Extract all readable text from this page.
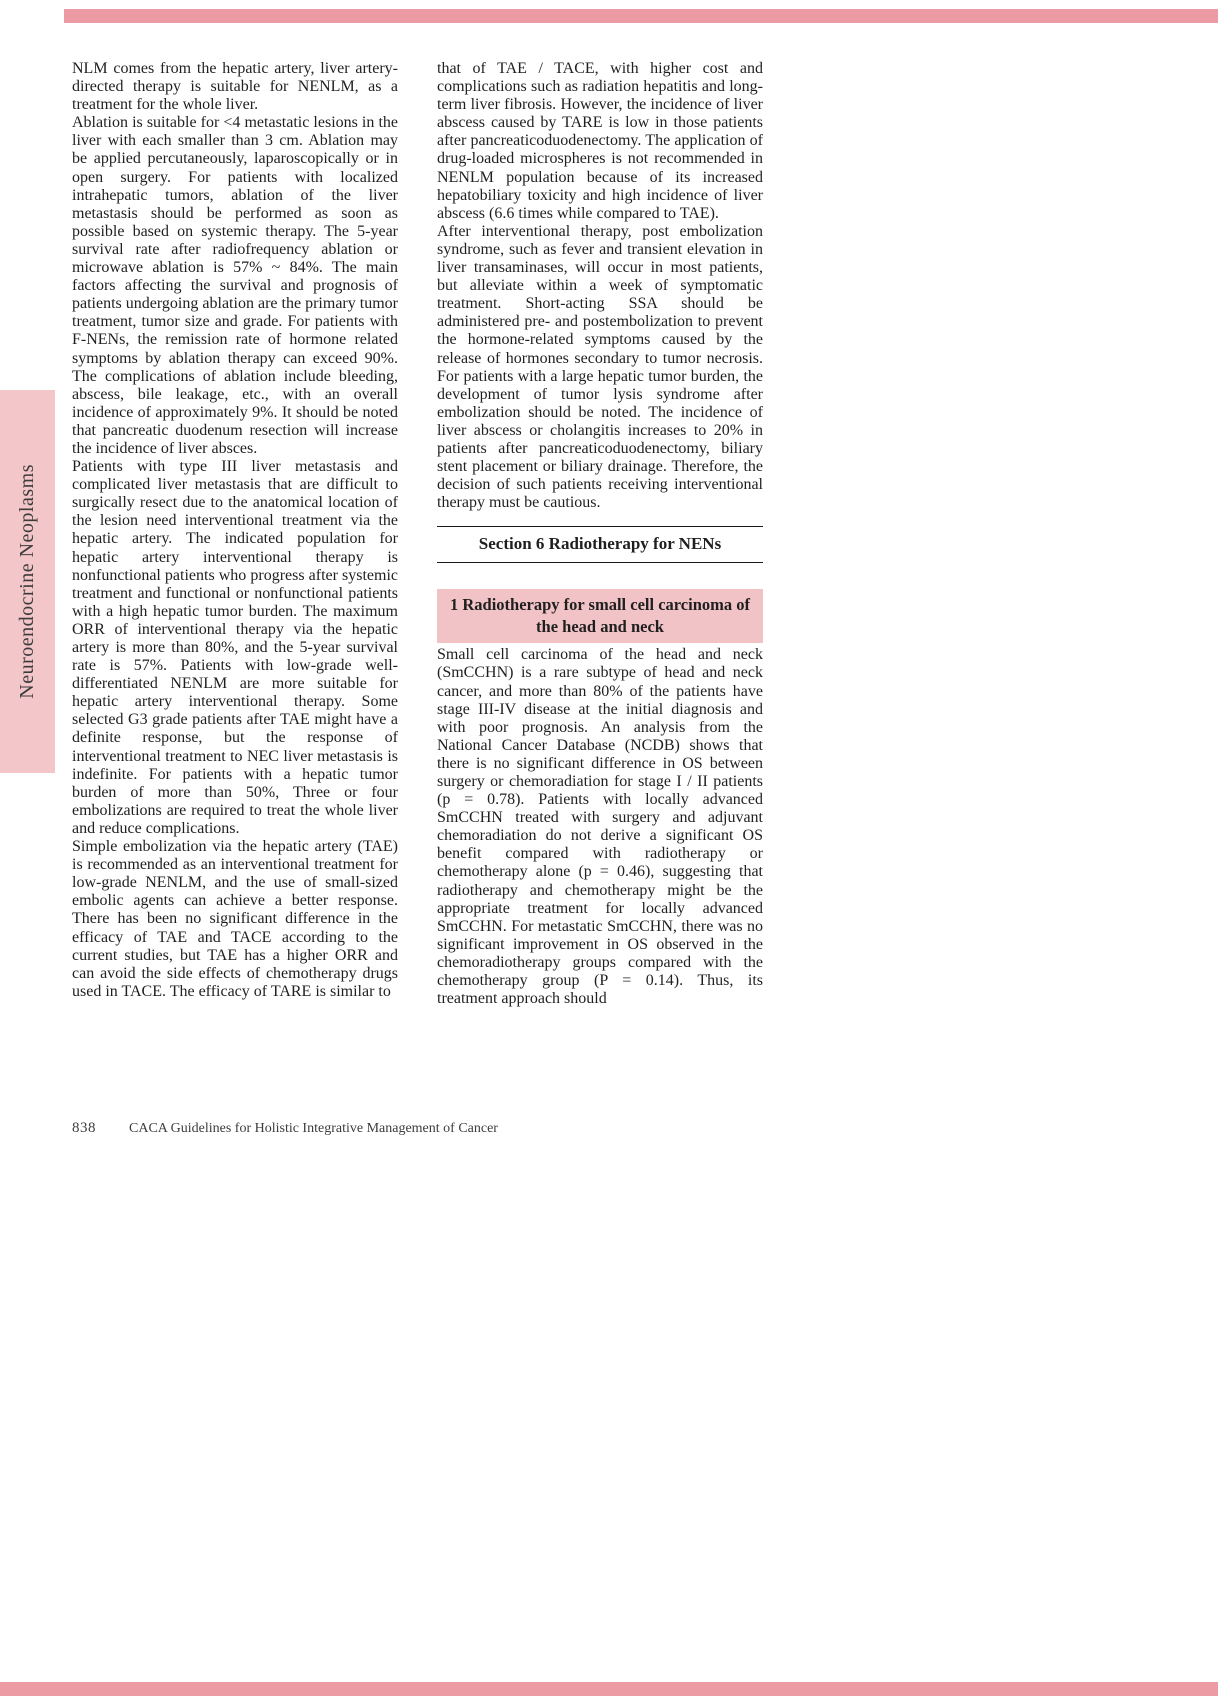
Neuroendocrine Neoplasms

NLM comes from the hepatic artery, liver artery-directed therapy is suitable for NENLM, as a treatment for the whole liver.

Ablation is suitable for <4 metastatic lesions in the liver with each smaller than 3 cm. Ablation may be applied percutaneously, laparoscopically or in open surgery. For patients with localized intrahepatic tumors, ablation of the liver metastasis should be performed as soon as possible based on systemic therapy. The 5-year survival rate after radiofrequency ablation or microwave ablation is 57% ~ 84%. The main factors affecting the survival and prognosis of patients undergoing ablation are the primary tumor treatment, tumor size and grade. For patients with F-NENs, the remission rate of hormone related symptoms by ablation therapy can exceed 90%. The complications of ablation include bleeding, abscess, bile leakage, etc., with an overall incidence of approximately 9%. It should be noted that pancreatic duodenum resection will increase the incidence of liver absces.

Patients with type III liver metastasis and complicated liver metastasis that are difficult to surgically resect due to the anatomical location of the lesion need interventional treatment via the hepatic artery. The indicated population for hepatic artery interventional therapy is nonfunctional patients who progress after systemic treatment and functional or nonfunctional patients with a high hepatic tumor burden. The maximum ORR of interventional therapy via the hepatic artery is more than 80%, and the 5-year survival rate is 57%. Patients with low-grade well-differentiated NENLM are more suitable for hepatic artery interventional therapy. Some selected G3 grade patients after TAE might have a definite response, but the response of interventional treatment to NEC liver metastasis is indefinite. For patients with a hepatic tumor burden of more than 50%, Three or four embolizations are required to treat the whole liver and reduce complications.

Simple embolization via the hepatic artery (TAE) is recommended as an interventional treatment for low-grade NENLM, and the use of small-sized embolic agents can achieve a better response. There has been no significant difference in the efficacy of TAE and TACE according to the current studies, but TAE has a higher ORR and can avoid the side effects of chemotherapy drugs used in TACE. The efficacy of TARE is similar to

that of TAE / TACE, with higher cost and complications such as radiation hepatitis and long-term liver fibrosis. However, the incidence of liver abscess caused by TARE is low in those patients after pancreaticoduodenectomy. The application of drug-loaded microspheres is not recommended in NENLM population because of its increased hepatobiliary toxicity and high incidence of liver abscess (6.6 times while compared to TAE).

After interventional therapy, post embolization syndrome, such as fever and transient elevation in liver transaminases, will occur in most patients, but alleviate within a week of symptomatic treatment. Short-acting SSA should be administered pre- and postembolization to prevent the hormone-related symptoms caused by the release of hormones secondary to tumor necrosis. For patients with a large hepatic tumor burden, the development of tumor lysis syndrome after embolization should be noted. The incidence of liver abscess or cholangitis increases to 20% in patients after pancreaticoduodenectomy, biliary stent placement or biliary drainage. Therefore, the decision of such patients receiving interventional therapy must be cautious.

Section 6 Radiotherapy for NENs
1 Radiotherapy for small cell carcinoma of the head and neck

Small cell carcinoma of the head and neck (SmCCHN) is a rare subtype of head and neck cancer, and more than 80% of the patients have stage III-IV disease at the initial diagnosis and with poor prognosis. An analysis from the National Cancer Database (NCDB) shows that there is no significant difference in OS between surgery or chemoradiation for stage I / II patients (p = 0.78). Patients with locally advanced SmCCHN treated with surgery and adjuvant chemoradiation do not derive a significant OS benefit compared with radiotherapy or chemotherapy alone (p = 0.46), suggesting that radiotherapy and chemotherapy might be the appropriate treatment for locally advanced SmCCHN. For metastatic SmCCHN, there was no significant improvement in OS observed in the chemoradiotherapy groups compared with the chemotherapy group (P = 0.14). Thus, its treatment approach should

838 CACA Guidelines for Holistic Integrative Management of Cancer
